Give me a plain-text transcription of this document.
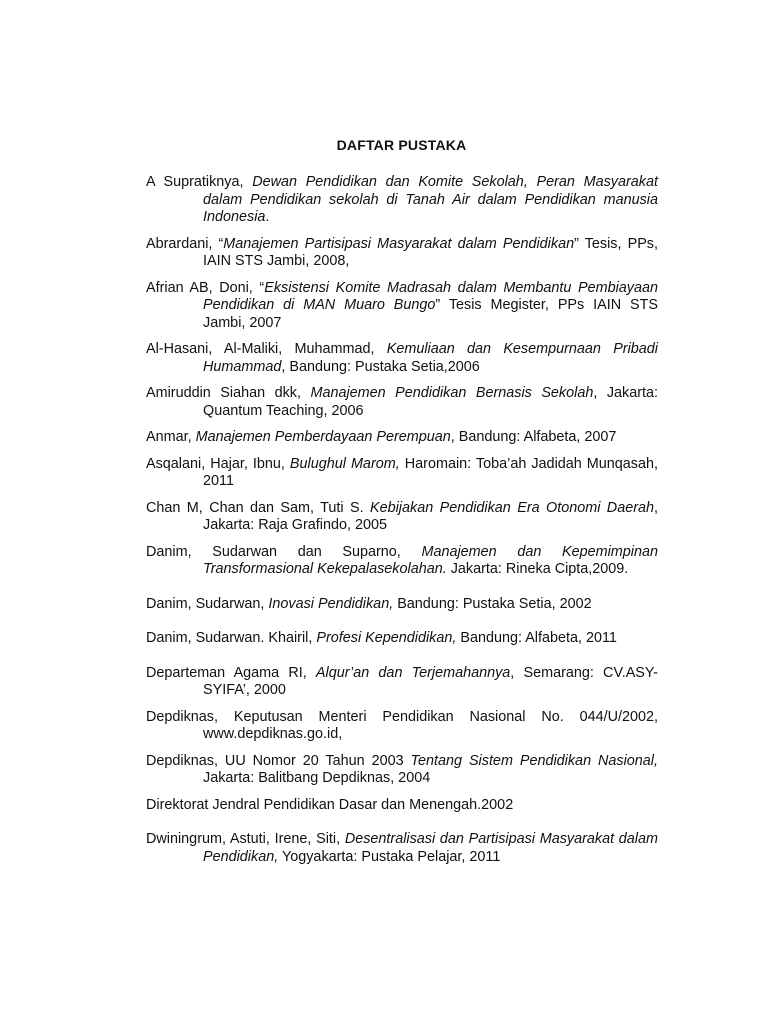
DAFTAR PUSTAKA

A Supratiknya, Dewan Pendidikan dan Komite Sekolah, Peran Masyarakat dalam Pendidikan sekolah di Tanah Air dalam Pendidikan manusia Indonesia.

Abrardani, “Manajemen Partisipasi Masyarakat dalam Pendidikan” Tesis, PPs, IAIN STS Jambi, 2008,

Afrian AB, Doni, “Eksistensi Komite Madrasah dalam Membantu Pembiayaan Pendidikan di MAN Muaro Bungo” Tesis Megister, PPs IAIN STS Jambi, 2007

Al-Hasani, Al-Maliki, Muhammad, Kemuliaan dan Kesempurnaan Pribadi Humammad, Bandung: Pustaka Setia,2006

Amiruddin Siahan dkk, Manajemen Pendidikan Bernasis Sekolah, Jakarta: Quantum Teaching, 2006

Anmar, Manajemen Pemberdayaan Perempuan, Bandung: Alfabeta, 2007

Asqalani, Hajar, Ibnu, Bulughul Marom, Haromain: Toba’ah Jadidah Munqasah, 2011

Chan M, Chan dan Sam, Tuti S. Kebijakan Pendidikan Era Otonomi Daerah, Jakarta: Raja Grafindo, 2005

Danim, Sudarwan dan Suparno, Manajemen dan Kepemimpinan Transformasional Kekepalasekolahan. Jakarta: Rineka Cipta,2009.

Danim, Sudarwan, Inovasi Pendidikan, Bandung: Pustaka Setia, 2002

Danim, Sudarwan. Khairil, Profesi Kependidikan, Bandung: Alfabeta, 2011

Departeman Agama RI, Alqur’an dan Terjemahannya, Semarang: CV.ASY-SYIFA’, 2000

Depdiknas, Keputusan Menteri Pendidikan Nasional No. 044/U/2002, www.depdiknas.go.id,

Depdiknas, UU Nomor 20 Tahun 2003 Tentang Sistem Pendidikan Nasional, Jakarta: Balitbang Depdiknas, 2004

Direktorat Jendral Pendidikan Dasar dan Menengah.2002

Dwiningrum, Astuti, Irene, Siti, Desentralisasi dan Partisipasi Masyarakat dalam Pendidikan, Yogyakarta: Pustaka Pelajar, 2011
